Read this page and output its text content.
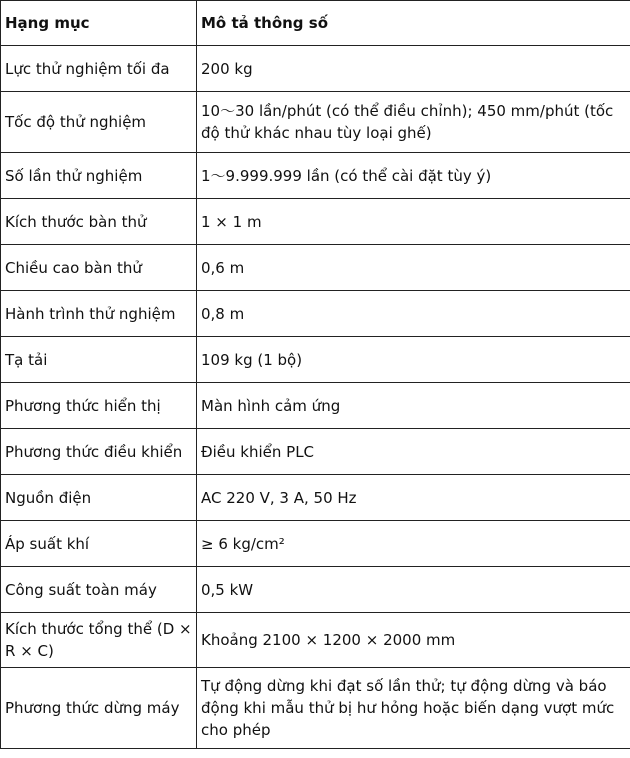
Hạng mục	Mô tả thông số
Lực thử nghiệm tối đa	200 kg
Tốc độ thử nghiệm	10～30 lần/phút (có thể điều chỉnh); 450 mm/phút (tốc độ thử khác nhau tùy loại ghế)
Số lần thử nghiệm	1～9.999.999 lần (có thể cài đặt tùy ý)
Kích thước bàn thử	1 × 1 m
Chiều cao bàn thử	0,6 m
Hành trình thử nghiệm	0,8 m
Tạ tải	109 kg (1 bộ)
Phương thức hiển thị	Màn hình cảm ứng
Phương thức điều khiển	Điều khiển PLC
Nguồn điện	AC 220 V, 3 A, 50 Hz
Áp suất khí	≥ 6 kg/cm²
Công suất toàn máy	0,5 kW
Kích thước tổng thể (D × R × C)	Khoảng 2100 × 1200 × 2000 mm
Phương thức dừng máy	Tự động dừng khi đạt số lần thử; tự động dừng và báo động khi mẫu thử bị hư hỏng hoặc biến dạng vượt mức cho phép
